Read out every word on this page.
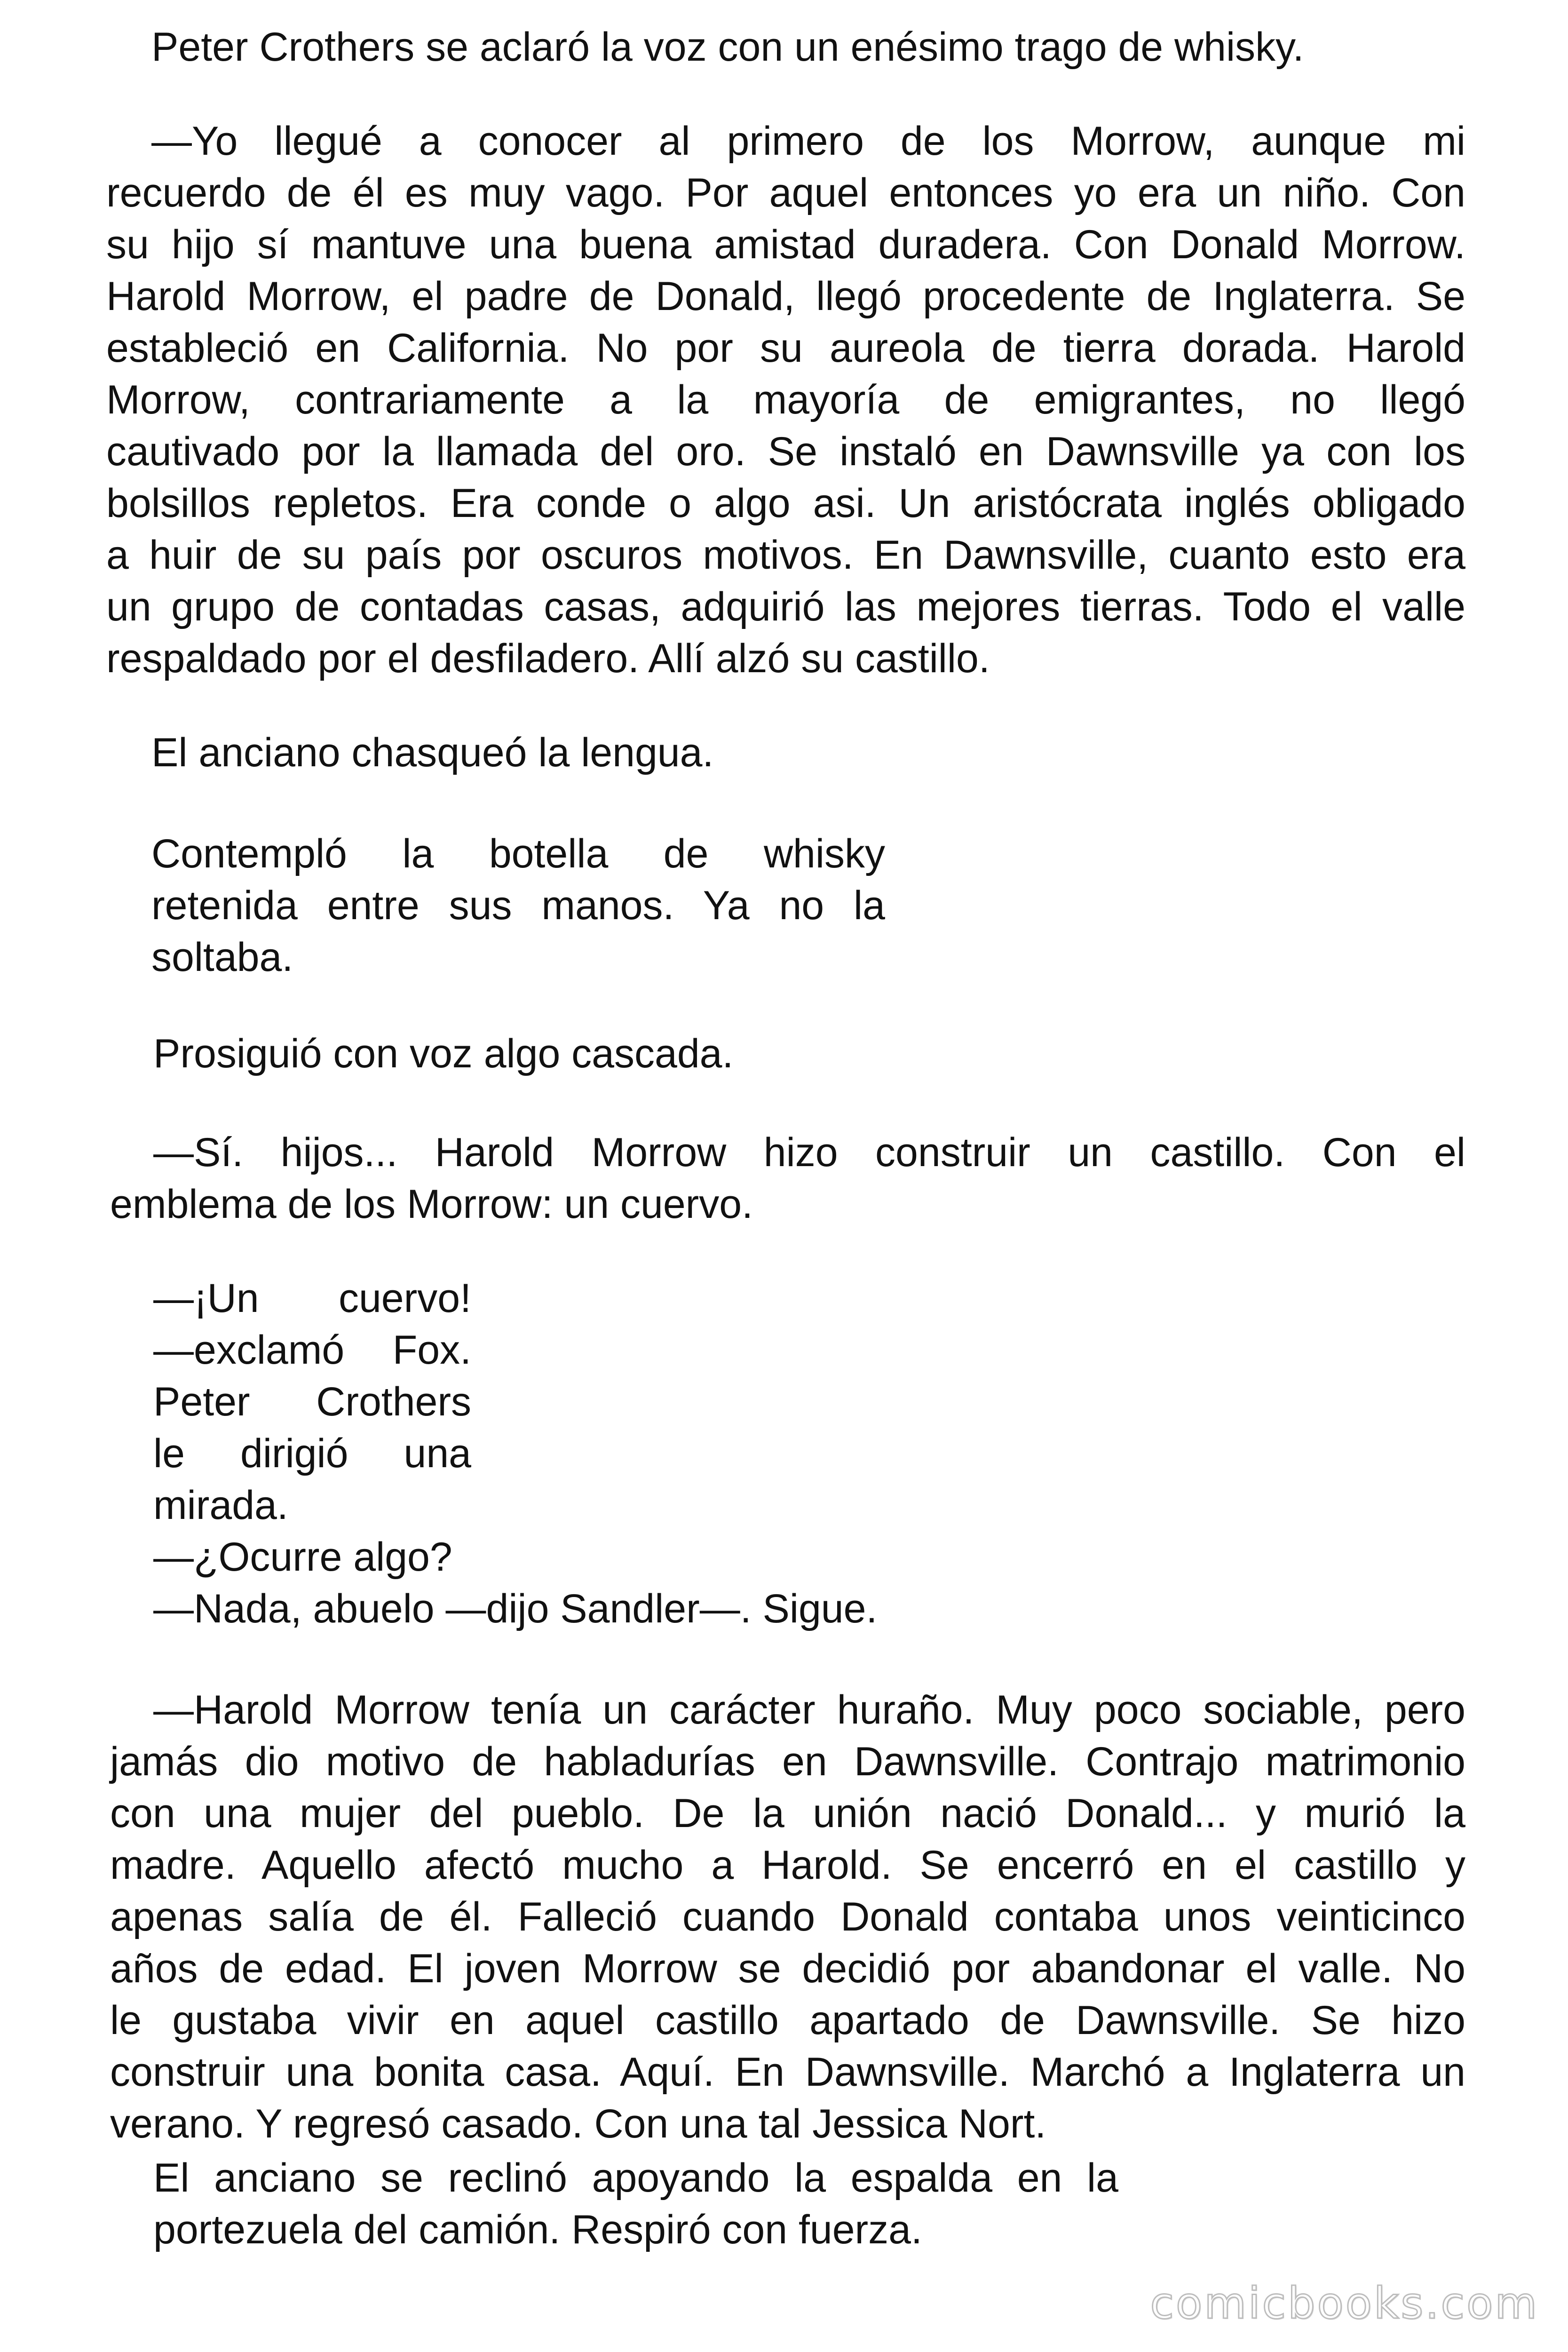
Peter Crothers se aclaró la voz con un enésimo trago de whisky.
—Yo llegué a conocer al primero de los Morrow, aunque mi
recuerdo de él es muy vago. Por aquel entonces yo era un niño. Con
su hijo sí mantuve una buena amistad duradera. Con Donald Morrow.
Harold Morrow, el padre de Donald, llegó procedente de Inglaterra. Se
estableció en California. No por su aureola de tierra dorada. Harold
Morrow, contrariamente a la mayoría de emigrantes, no llegó
cautivado por la llamada del oro. Se instaló en Dawnsville ya con los
bolsillos repletos. Era conde o algo asi. Un aristócrata inglés obligado
a huir de su país por oscuros motivos. En Dawnsville, cuanto esto era
un grupo de contadas casas, adquirió las mejores tierras. Todo el valle
respaldado por el desfiladero. Allí alzó su castillo.
El anciano chasqueó la lengua.
Contempló la botella de whisky
retenida entre sus manos. Ya no la
soltaba.
Prosiguió con voz algo cascada.
—Sí. hijos... Harold Morrow hizo construir un castillo. Con el
emblema de los Morrow: un cuervo.
—¡Un cuervo!
—exclamó Fox.
Peter Crothers
le dirigió una
mirada.
—¿Ocurre algo?
—Nada, abuelo —dijo Sandler—. Sigue.
—Harold Morrow tenía un carácter huraño. Muy poco sociable, pero
jamás dio motivo de habladurías en Dawnsville. Contrajo matrimonio
con una mujer del pueblo. De la unión nació Donald... y murió la
madre. Aquello afectó mucho a Harold. Se encerró en el castillo y
apenas salía de él. Falleció cuando Donald contaba unos veinticinco
años de edad. El joven Morrow se decidió por abandonar el valle. No
le gustaba vivir en aquel castillo apartado de Dawnsville. Se hizo
construir una bonita casa. Aquí. En Dawnsville. Marchó a Inglaterra un
verano. Y regresó casado. Con una tal Jessica Nort.
El anciano se reclinó apoyando la espalda en la
portezuela del camión. Respiró con fuerza.
comicbooks.com
